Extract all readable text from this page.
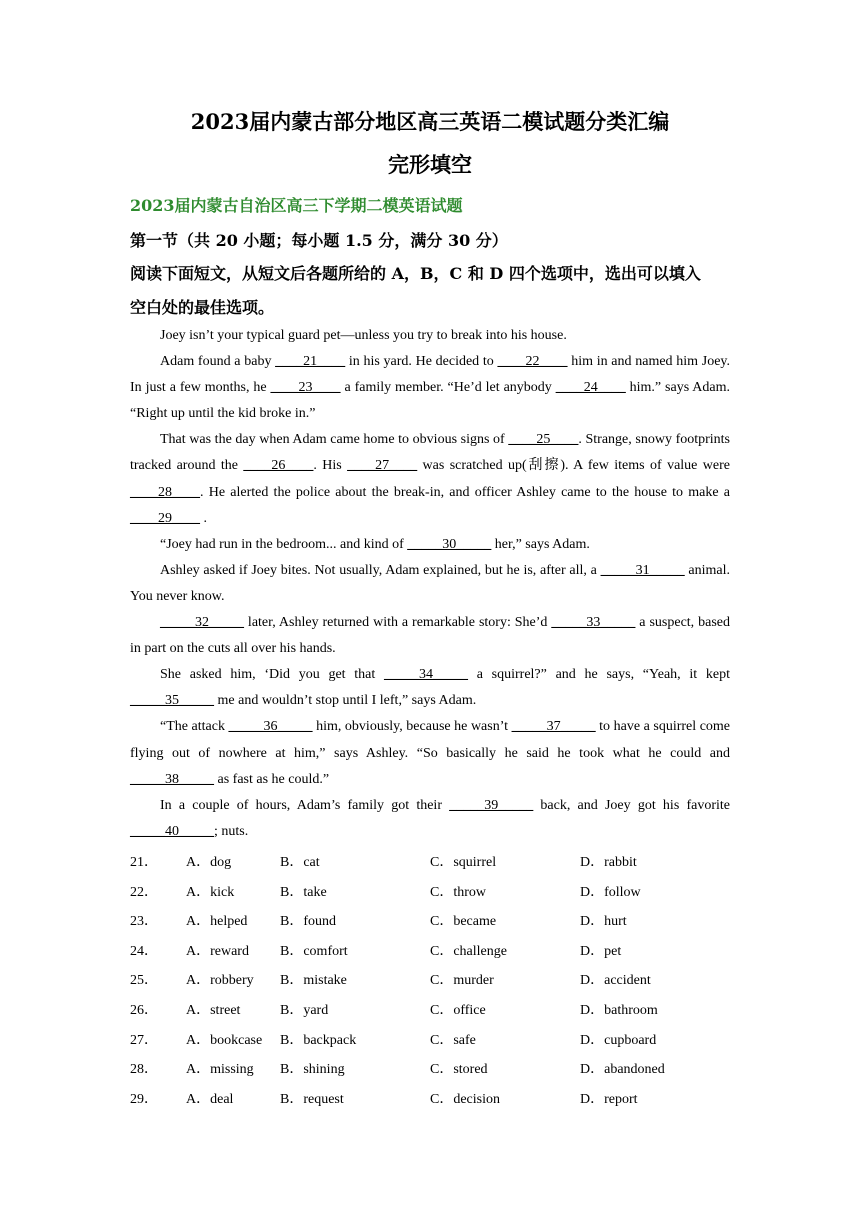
2023届内蒙古部分地区高三英语二模试题分类汇编
完形填空
2023届内蒙古自治区高三下学期二模英语试题
第一节（共 20 小题；每小题 1.5 分，满分 30 分）
阅读下面短文，从短文后各题所给的 A，B，C 和 D 四个选项中，选出可以填入
空白处的最佳选项。

Joey isn’t your typical guard pet—unless you try to break into his house.

Adam found a baby ____21____ in his yard. He decided to ____22____ him in and named him Joey. In just a few months, he ____23____ a family member. “He’d let anybody ____24____ him.” says Adam. “Right up until the kid broke in.”

That was the day when Adam came home to obvious signs of ____25____. Strange, snowy footprints tracked around the ____26____. His ____27____ was scratched up(刮擦). A few items of value were ____28____. He alerted the police about the break-in, and officer Ashley came to the house to make a ____29____ .

“Joey had run in the bedroom... and kind of _____30_____ her,” says Adam.

Ashley asked if Joey bites. Not usually, Adam explained, but he is, after all, a _____31_____ animal. You never know.

_____32_____ later, Ashley returned with a remarkable story: She’d _____33_____ a suspect, based in part on the cuts all over his hands.

She asked him, ‘Did you get that _____34_____ a squirrel?” and he says, “Yeah, it kept _____35_____ me and wouldn’t stop until I left,” says Adam.

“The attack _____36_____ him, obviously, because he wasn’t _____37_____ to have a squirrel come flying out of nowhere at him,” says Ashley. “So basically he said he took what he could and _____38_____ as fast as he could.”

In a couple of hours, Adam’s family got their _____39_____ back, and Joey got his favorite _____40_____; nuts.

21． A．dog	B．cat	C．squirrel	D．rabbit
22． A．kick	B．take	C．throw	D．follow
23． A．helped B．found	C．became	D．hurt
24． A．reward B．comfort	C．challenge	D．pet
25． A．robbery B．mistake	C．murder	D．accident
26． A．street	B．yard	C．office	D．bathroom
27． A．bookcase B．backpack	C．safe	D．cupboard
28． A．missing B．shining	C．stored	D．abandoned
29． A．deal	B．request	C．decision	D．report
